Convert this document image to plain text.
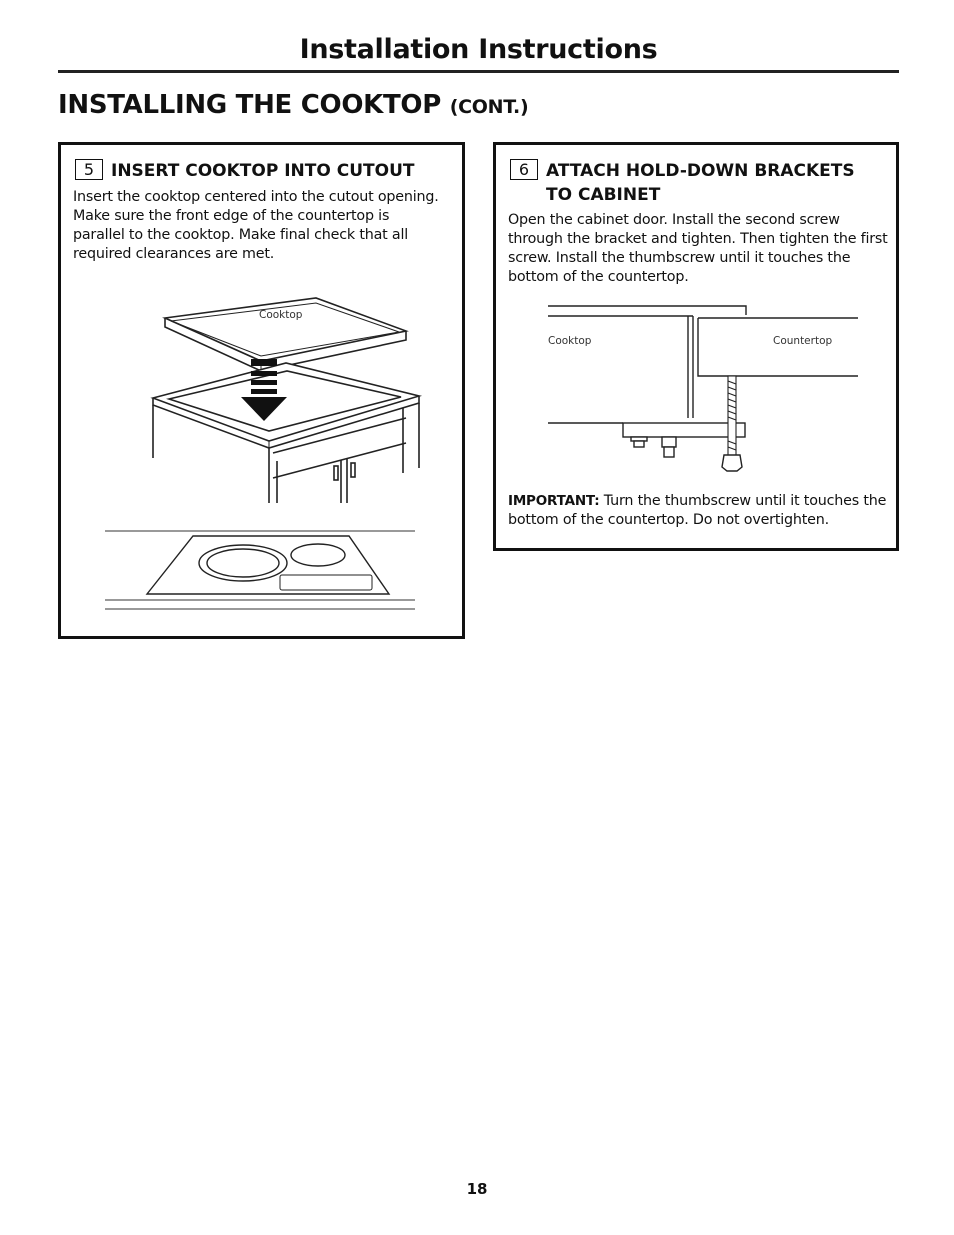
Installation Instructions
INSTALLING THE COOKTOP (CONT.)
5 INSERT COOKTOP INTO CUTOUT
Insert the cooktop centered into the cutout opening. Make sure the front edge of the countertop is parallel to the cooktop. Make final check that all required clearances are met.
Cooktop
6 ATTACH HOLD-DOWN BRACKETS TO CABINET
Open the cabinet door. Install the second screw through the bracket and tighten. Then tighten the first screw. Install the thumbscrew until it touches the bottom of the countertop.
Cooktop	Countertop
IMPORTANT: Turn the thumbscrew until it touches the bottom of the countertop. Do not overtighten.
18
